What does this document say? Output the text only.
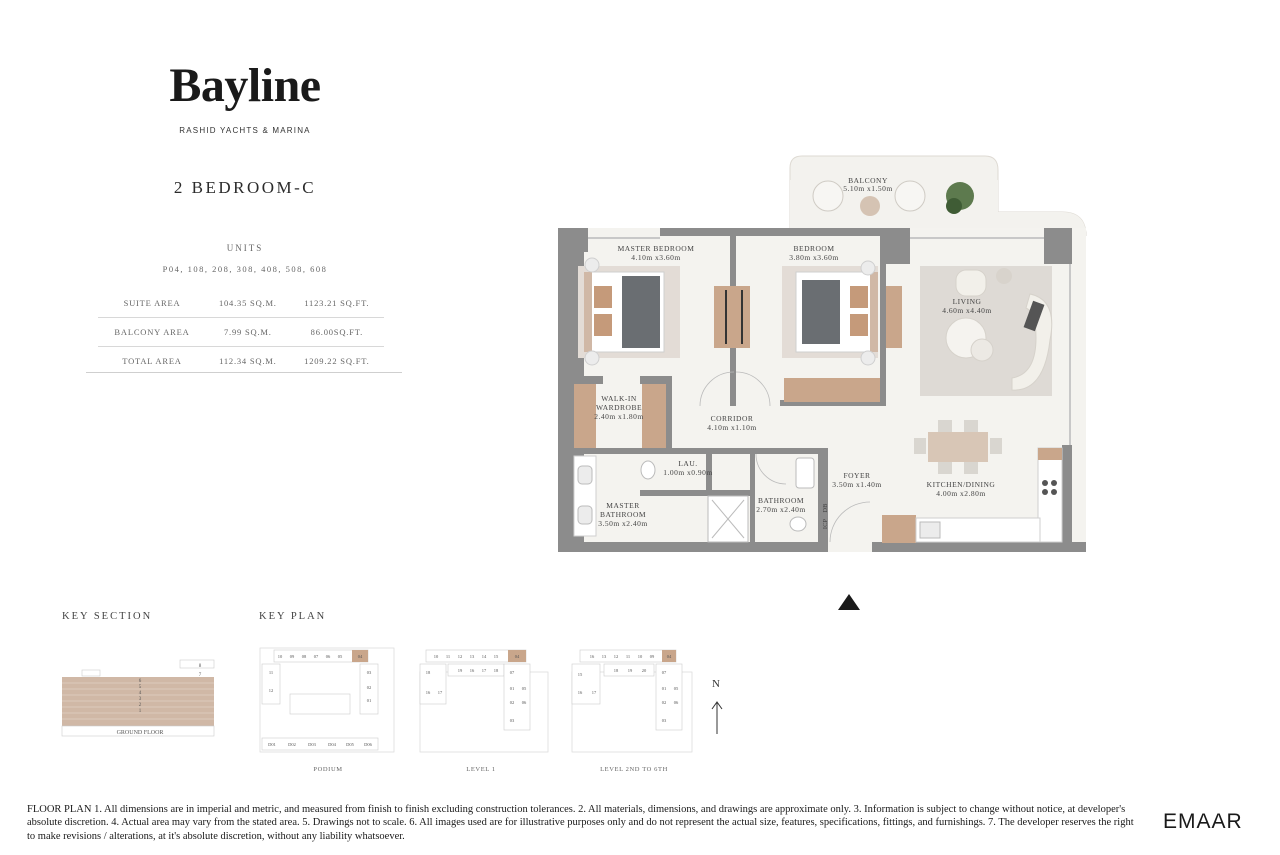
Bayline
RASHID YACHTS & MARINA
2 BEDROOM-C
UNITS
P04, 108, 208, 308, 408, 508, 608
SUITE AREA	104.35 SQ.M.	1123.21 SQ.FT.
BALCONY AREA	7.99 SQ.M.	86.00SQ.FT.
TOTAL AREA	112.34 SQ.M.	1209.22 SQ.FT.
BALCONY
5.10m x1.50m
MASTER BEDROOM
4.10m x3.60m
BEDROOM
3.80m x3.60m
LIVING
4.60m x4.40m
WALK-IN
WARDROBE
2.40m x1.80m	CORRIDOR
4.10m x1.10m
LAU.
1.00m x0.90m	FOYER
3.50m x1.40m	KITCHEN/DINING
4.00m x2.80m
MASTER
BATHROOM
3.50m x2.40m
BATHROOM
2.70m x2.40m DB
ICP
KEY SECTION
8
7
6
5
4
3
2
1
GROUND FLOOR
KEY PLAN
10 09 08 07 06 05	04
03
02
01
11
12
D01	D02	D03	D04 D05 D06
PODIUM
10 11 12 13 14 15	04
19 16 17 18
18
16 17
07
01
02
03
05
06
LEVEL 1
16 13 12 11 10 09	04
18 19 20
15
16 17
07
01
02
03
05
06
LEVEL 2ND TO 6TH
N
FLOOR PLAN 1. All dimensions are in imperial and metric, and measured from finish to finish excluding construction tolerances. 2. All materials, dimensions, and drawings are approximate only. 3. Information is subject to change without notice, at developer's absolute discretion. 4. Actual area may vary from the stated area. 5. Drawings not to scale. 6. All images used are for illustrative purposes only and do not represent the actual size, features, specifications, fittings, and furnishings. 7. The developer reserves the right to make revisions / alterations, at it's absolute discretion, without any liability whatsoever.
EMAAR
